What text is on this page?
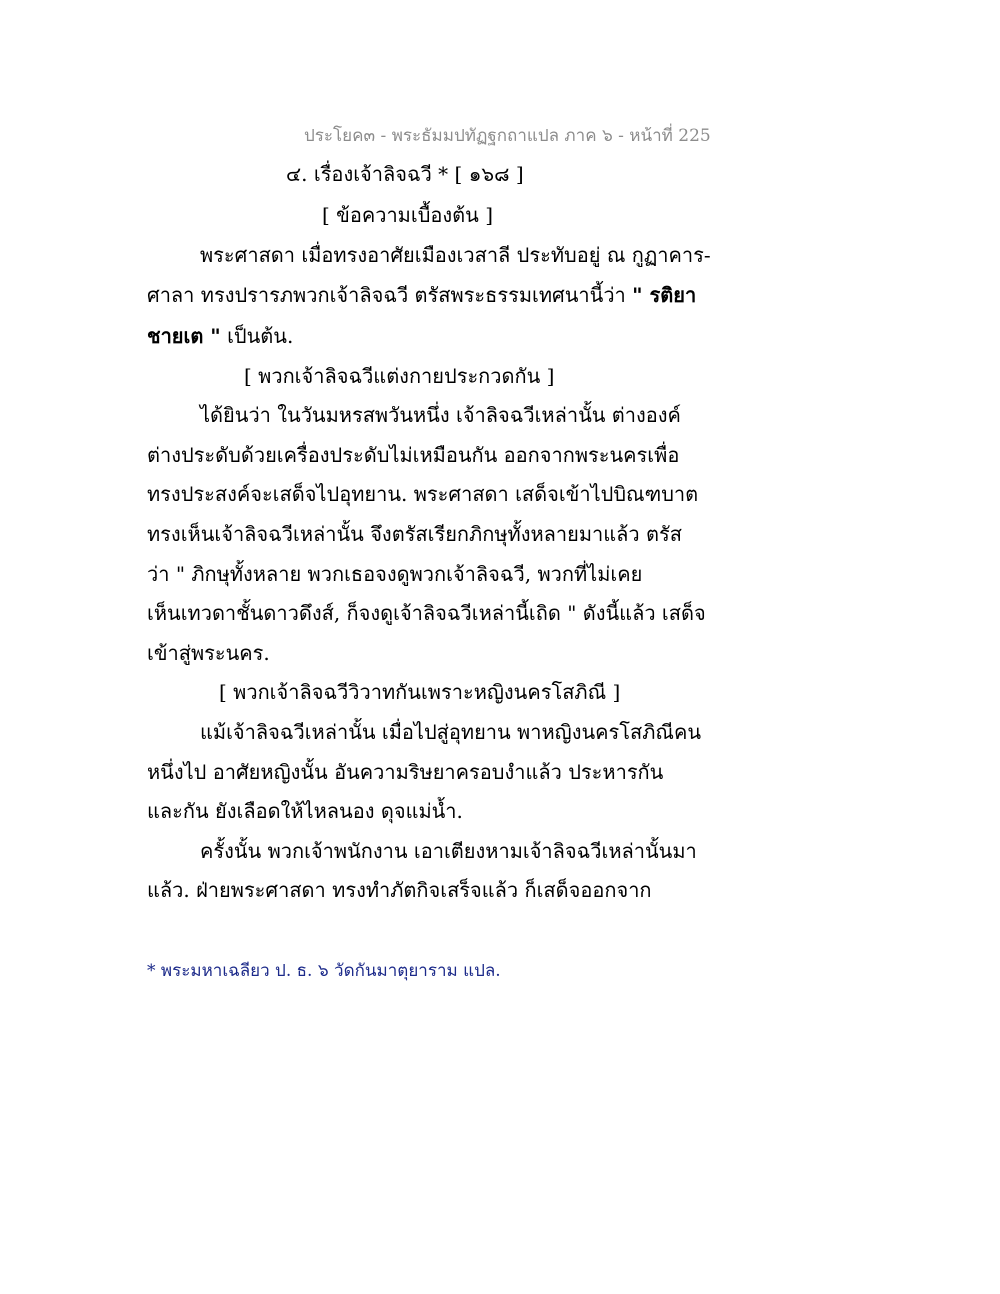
ประโยค๓ - พระธัมมปทัฏฐกถาแปล ภาค ๖ - หน้าที่ 225
๔. เรื่องเจ้าลิจฉวี * [ ๑๖๘ ]
[ ข้อความเบื้องต้น ]
พระศาสดา เมื่อทรงอาศัยเมืองเวสาลี ประทับอยู่ ณ กูฏาคาร-
ศาลา ทรงปรารภพวกเจ้าลิจฉวี ตรัสพระธรรมเทศนานี้ว่า " รติยา
ชายเต " เป็นต้น.
[ พวกเจ้าลิจฉวีแต่งกายประกวดกัน ]
ได้ยินว่า ในวันมหรสพวันหนึ่ง เจ้าลิจฉวีเหล่านั้น ต่างองค์
ต่างประดับด้วยเครื่องประดับไม่เหมือนกัน ออกจากพระนครเพื่อ
ทรงประสงค์จะเสด็จไปอุทยาน. พระศาสดา เสด็จเข้าไปบิณฑบาต
ทรงเห็นเจ้าลิจฉวีเหล่านั้น จึงตรัสเรียกภิกษุทั้งหลายมาแล้ว ตรัส
ว่า " ภิกษุทั้งหลาย พวกเธอจงดูพวกเจ้าลิจฉวี, พวกที่ไม่เคย
เห็นเทวดาชั้นดาวดึงส์, ก็จงดูเจ้าลิจฉวีเหล่านี้เถิด " ดังนี้แล้ว เสด็จ
เข้าสู่พระนคร.
[ พวกเจ้าลิจฉวีวิวาทกันเพราะหญิงนครโสภิณี ]
แม้เจ้าลิจฉวีเหล่านั้น เมื่อไปสู่อุทยาน พาหญิงนครโสภิณีคน
หนึ่งไป อาศัยหญิงนั้น อันความริษยาครอบงำแล้ว ประหารกัน
และกัน ยังเลือดให้ไหลนอง ดุจแม่น้ำ.
ครั้งนั้น พวกเจ้าพนักงาน เอาเตียงหามเจ้าลิจฉวีเหล่านั้นมา
แล้ว. ฝ่ายพระศาสดา ทรงทำภัตกิจเสร็จแล้ว ก็เสด็จออกจาก
* พระมหาเฉลียว ป. ธ. ๖ วัดกันมาตุยาราม แปล.
